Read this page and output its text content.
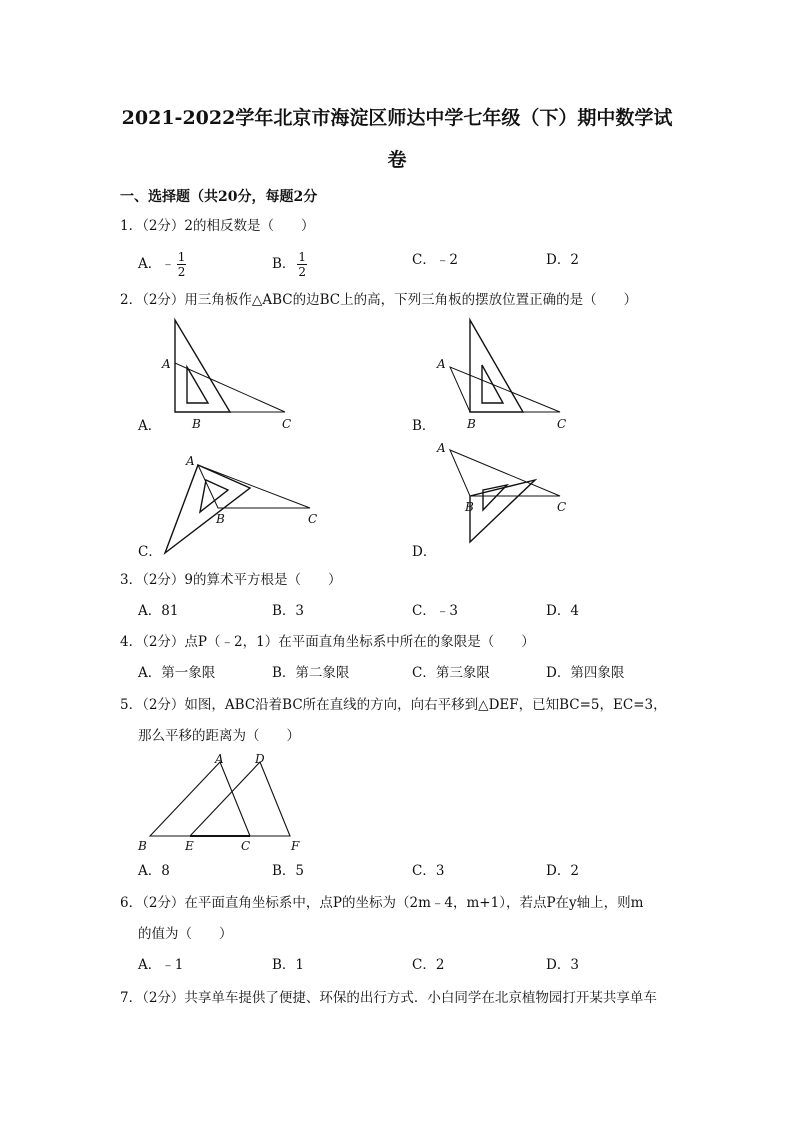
2021-2022学年北京市海淀区师达中学七年级（下）期中数学试
卷
一、选择题（共20分，每题2分
1．（2分）2的相反数是（　　）
A．﹣ $\frac{1}{2}$	B． $\frac{1}{2}$	C．﹣2	D．2
2．（2分）用三角板作△ABC的边BC上的高，下列三角板的摆放位置正确的是（　　）
A
B	C
A．
A
B	C
B．
A
B	C
C．
A
B	C
D．
3．（2分）9的算术平方根是（　　）
A．81	B．3	C．﹣3	D．4
4．（2分）点P（﹣2，1）在平面直角坐标系中所在的象限是（　　）
A．第一象限	B．第二象限	C．第三象限	D．第四象限
5．（2分）如图，ABC沿着BC所在直线的方向，向右平移到△DEF，已知BC=5，EC=3，
那么平移的距离为（　　）
A	D
B	E	C	F
A．8	B．5	C．3	D．2
6．（2分）在平面直角坐标系中，点P的坐标为（2m﹣4，m+1），若点P在y轴上，则m
的值为（　　）
A．﹣1	B．1	C．2	D．3
7．（2分）共享单车提供了便捷、环保的出行方式．小白同学在北京植物园打开某共享单车
